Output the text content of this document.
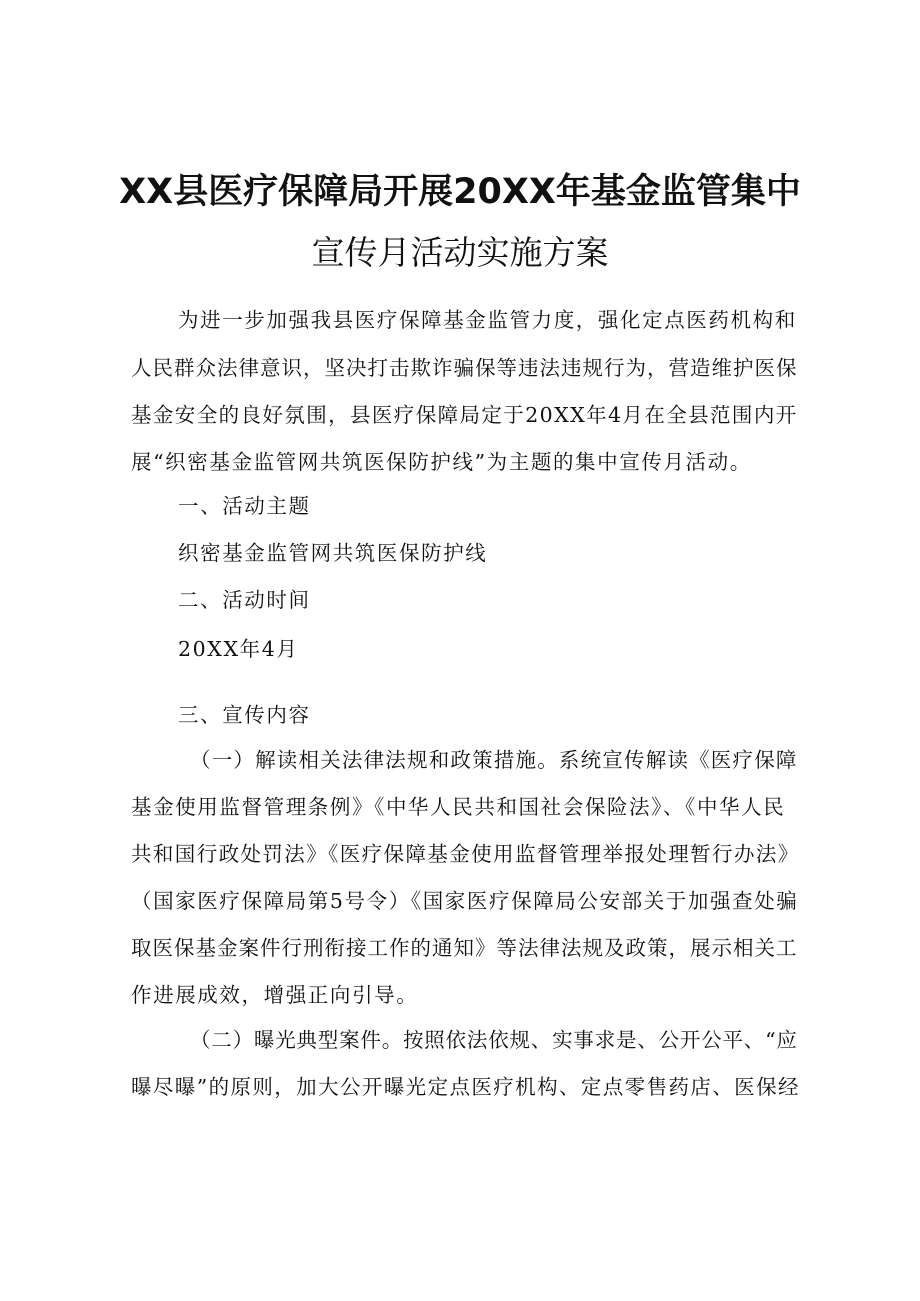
XX县医疗保障局开展20XX年基金监管集中
宣传月活动实施方案
为进一步加强我县医疗保障基金监管力度，强化定点医药机构和
人民群众法律意识，坚决打击欺诈骗保等违法违规行为，营造维护医保
基金安全的良好氛围，县医疗保障局定于20XX年4月在全县范围内开
展“织密基金监管网共筑医保防护线”为主题的集中宣传月活动。
一、活动主题
织密基金监管网共筑医保防护线
二、活动时间
20XX年4月
三、宣传内容
（一）解读相关法律法规和政策措施。系统宣传解读《医疗保障
基金使用监督管理条例》《中华人民共和国社会保险法》、《中华人民
共和国行政处罚法》《医疗保障基金使用监督管理举报处理暂行办法》
（国家医疗保障局第5号令）《国家医疗保障局公安部关于加强查处骗
取医保基金案件行刑衔接工作的通知》等法律法规及政策，展示相关工
作进展成效，增强正向引导。
（二）曝光典型案件。按照依法依规、实事求是、公开公平、“应
曝尽曝”的原则，加大公开曝光定点医疗机构、定点零售药店、医保经
